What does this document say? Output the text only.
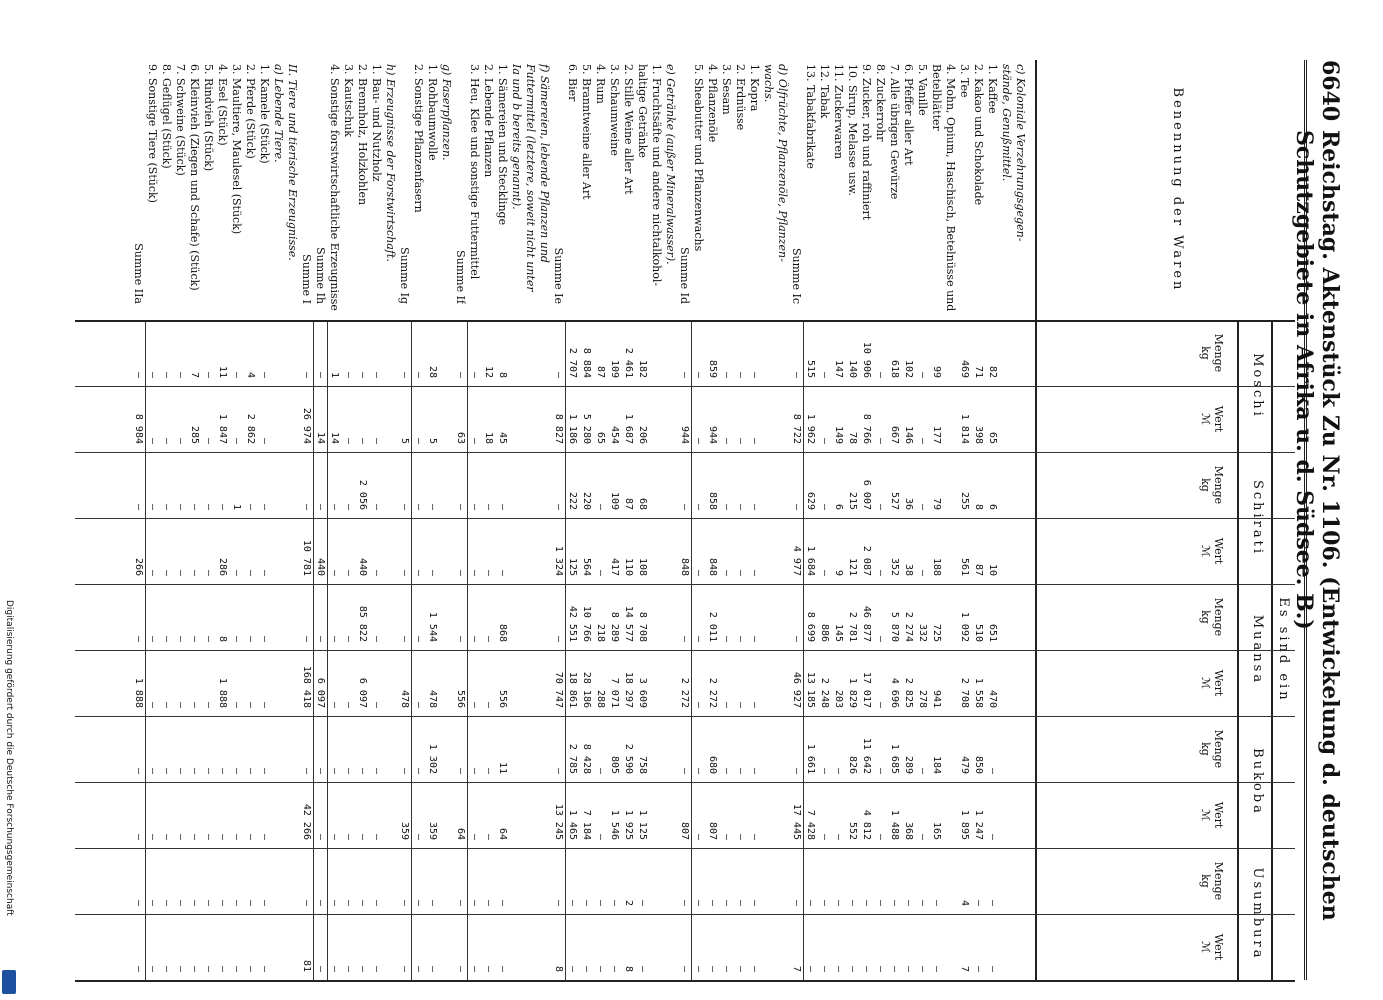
6640
Reichstag. Aktenstück Zu Nr. 1106. (Entwickelung d. deutschen Schutzgebiete in Afrika u. d. Südsee. B.)
Benennung der Waren
Es sind ein
Moschi
Menge
kg
Wert
ℳ
Schirati
Menge
kg
Wert
ℳ
Muansa
Menge
kg
Wert
ℳ
Bukoba
Menge
kg
Wert
ℳ
Usumbura
Menge
kg
Wert
ℳ
c) Koloniale Verzehrungsgegen-
stände, Genußmittel.
1. Kaffee
82
65
6
10
651
470
—
—
—
—
2. Kakao und Schokolade
71
398
8
87
510
1 558
850
1 247
—
—
3. Tee
469
1 814
255
561
1 092
2 708
479
1 895
4
7
4. Mohn, Opium, Haschisch, Betelnüsse und
Betelblätter
99
177
79
188
725
941
184
165
—
—
5. Vanille
—
—
—
—
332
278
—
—
—
—
6. Pfeffer aller Art
102
146
36
38
2 274
2 825
289
368
—
—
7. Alle übrigen Gewürze
618
667
527
352
5 870
4 696
1 685
1 488
—
—
8. Zuckerrohr
—
—
—
—
—
—
—
—
—
—
9. Zucker, roh und raffiniert
10 906
8 766
6 007
2 087
46 877
17 017
11 642
4 812
—
—
10. Sirup, Melasse usw.
140
78
215
121
2 781
1 829
826
552
—
—
11. Zuckerwaren
147
149
6
9
145
203
—
—
—
—
12. Tabak
—
—
—
—
886
2 248
—
—
—
—
13. Tabakfabrikate
515
1 962
629
1 684
8 699
13 185
1 661
7 428
—
—
Summe Ic
—
8 722
—
4 977
—
46 927
—
17 445
—
7
d) Ölfrüchte, Pflanzenöle, Pflanzen-
wachs.
1. Kopra
—
—
—
—
—
—
—
—
—
—
2. Erdnüsse
—
—
—
—
—
—
—
—
—
—
3. Sesam
—
—
—
—
—
—
—
—
—
—
4. Pflanzenöle
859
944
858
848
2 011
2 272
680
807
—
—
5. Sheabutter und Pflanzenwachs
—
—
—
—
—
—
—
—
—
—
Summe Id
—
944
—
848
—
2 272
—
807
—
—
e) Getränke (außer Mineralwasser).
1. Fruchtsäfte und andere nichtalkohol-
haltige Getränke
182
206
68
108
8 708
3 609
758
1 125
—
—
2. Stille Weine aller Art
2 461
1 687
87
110
14 577
18 297
2 590
1 925
2
8
3. Schaumweine
109
454
109
417
8 289
7 071
805
1 546
—
—
4. Rum
87
65
—
—
218
288
—
—
—
—
5. Branntweine aller Art
8 884
5 280
220
564
10 766
28 186
8 428
7 184
—
—
6. Bier
2 707
1 186
222
125
42 551
18 861
2 785
1 465
—
—
Summe Ie
—
8 827
—
1 324
—
70 747
—
13 245
—
8
f) Sämereien, lebende Pflanzen und
Futtermittel (letztere, soweit nicht unter
Ia und b bereits genannt).
1. Sämereien und Stecklinge
8
45
—
—
868
556
11
64
—
—
2. Lebende Pflanzen
12
18
—
—
—
—
—
—
—
—
3. Heu, Klee und sonstige Futtermittel
—
—
—
—
—
—
—
—
—
—
Summe If
—
63
—
—
—
556
—
64
—
—
g) Faserpflanzen.
1. Rohbaumwolle
28
5
—
—
1 544
478
1 302
359
—
—
2. Sonstige Pflanzenfasern
—
—
—
—
—
—
—
—
—
—
Summe Ig
—
5
—
—
—
478
—
359
—
—
h) Erzeugnisse der Forstwirtschaft.
1. Bau- und Nutzholz
—
—
—
—
—
—
—
—
—
—
2. Brennholz, Holzkohlen
—
—
2 056
440
85 822
6 097
—
—
—
—
3. Kautschuk
—
—
—
—
—
—
—
—
—
—
4. Sonstige forstwirtschaftliche Erzeugnisse
1
14
—
—
—
—
—
—
—
—
Summe Ih
—
14
—
440
—
6 097
—
—
—
—
Summe I
—
26 974
—
10 781
—
168 418
—
42 266
—
81
II. Tiere und tierische Erzeugnisse.
a) Lebende Tiere.
1. Kamele (Stück)
—
—
—
—
—
—
—
—
—
—
2. Pferde (Stück)
4
2 862
—
—
—
—
—
—
—
—
3. Maultiere, Maulesel (Stück)
—
—
1
—
—
—
—
—
—
—
4. Esel (Stück)
11
1 847
—
286
8
1 888
—
—
—
—
5. Rindvieh (Stück)
—
—
—
—
—
—
—
—
—
—
6. Kleinvieh (Ziegen und Schafe) (Stück)
7
285
—
—
—
—
—
—
—
—
7. Schweine (Stück)
—
—
—
—
—
—
—
—
—
—
8. Geflügel (Stück)
—
—
—
—
—
—
—
—
—
—
9. Sonstige Tiere (Stück)
—
—
—
—
—
—
—
—
—
—
Summe IIa
—
8 984
—
266
—
1 888
—
—
—
—
Digitalisierung gefördert durch die Deutsche Forschungsgemeinschaft
